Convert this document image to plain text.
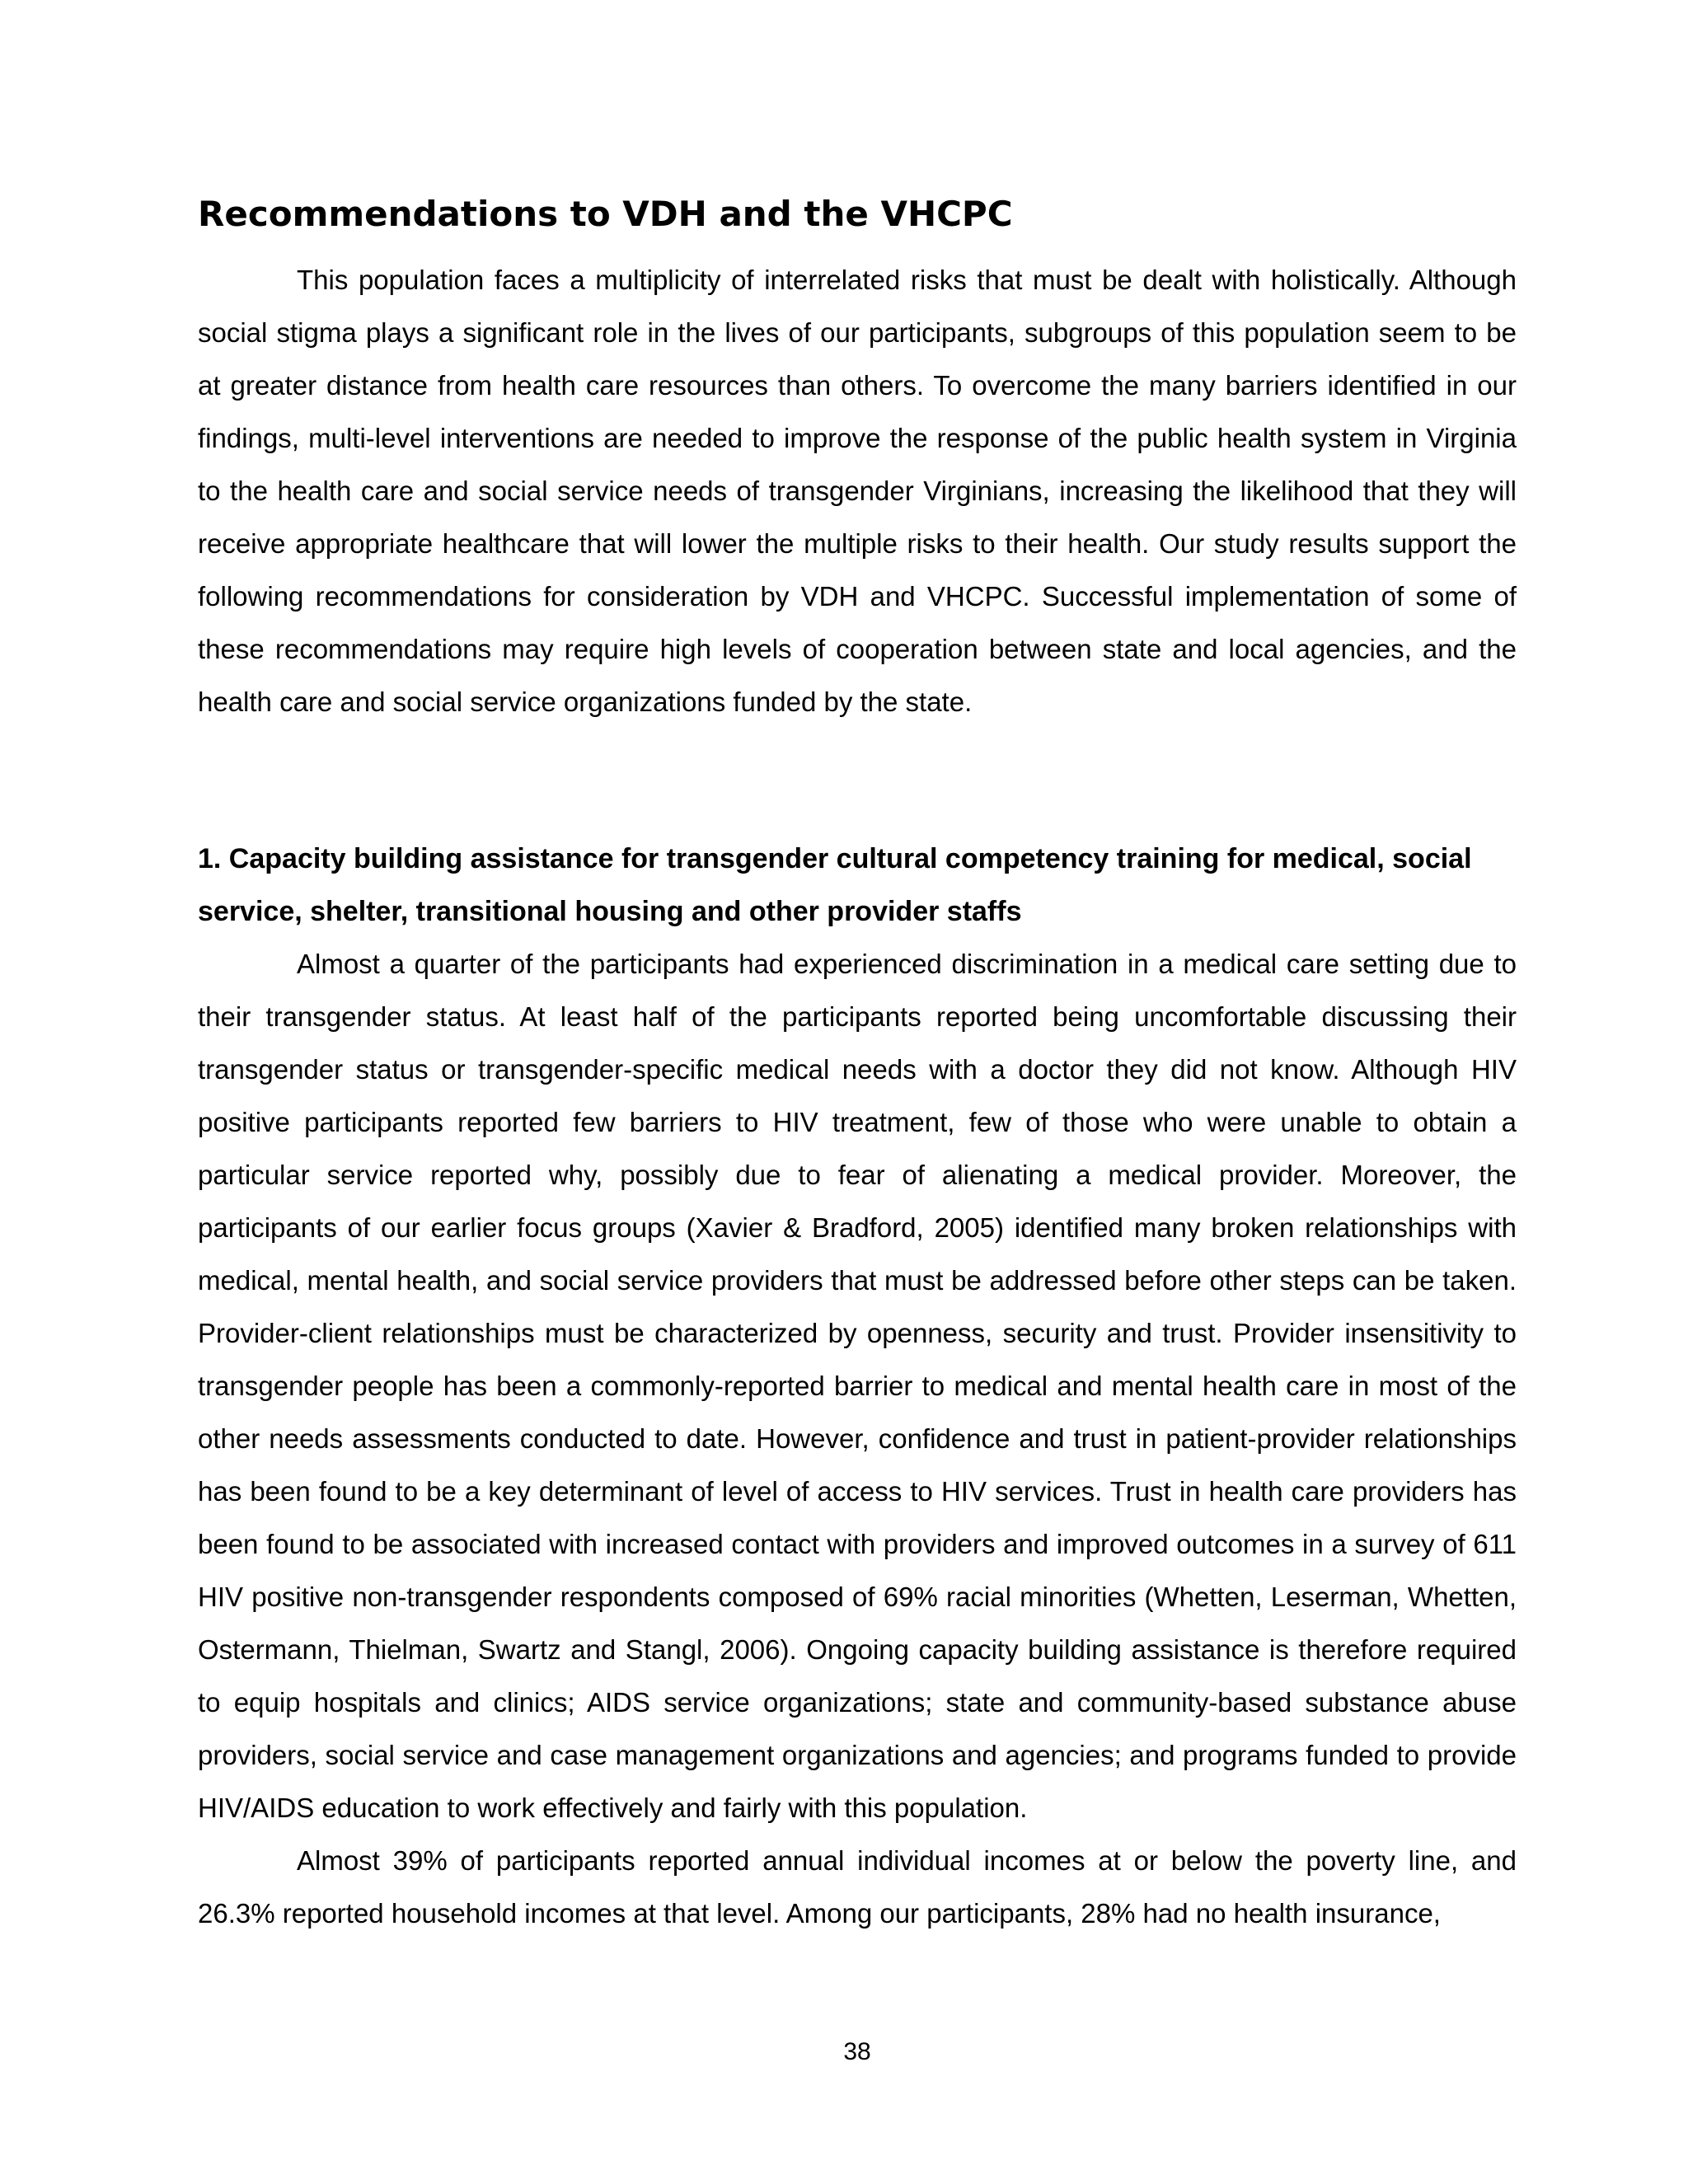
Recommendations to VDH and the VHCPC

This population faces a multiplicity of interrelated risks that must be dealt with holistically. Although social stigma plays a significant role in the lives of our participants, subgroups of this population seem to be at greater distance from health care resources than others. To overcome the many barriers identified in our findings, multi-level interventions are needed to improve the response of the public health system in Virginia to the health care and social service needs of transgender Virginians, increasing the likelihood that they will receive appropriate healthcare that will lower the multiple risks to their health. Our study results support the following recommendations for consideration by VDH and VHCPC. Successful implementation of some of these recommendations may require high levels of cooperation between state and local agencies, and the health care and social service organizations funded by the state.

1. Capacity building assistance for transgender cultural competency training for medical, social service, shelter, transitional housing and other provider staffs

Almost a quarter of the participants had experienced discrimination in a medical care setting due to their transgender status. At least half of the participants reported being uncomfortable discussing their transgender status or transgender-specific medical needs with a doctor they did not know. Although HIV positive participants reported few barriers to HIV treatment, few of those who were unable to obtain a particular service reported why, possibly due to fear of alienating a medical provider. Moreover, the participants of our earlier focus groups (Xavier & Bradford, 2005) identified many broken relationships with medical, mental health, and social service providers that must be addressed before other steps can be taken. Provider-client relationships must be characterized by openness, security and trust. Provider insensitivity to transgender people has been a commonly-reported barrier to medical and mental health care in most of the other needs assessments conducted to date. However, confidence and trust in patient-provider relationships has been found to be a key determinant of level of access to HIV services. Trust in health care providers has been found to be associated with increased contact with providers and improved outcomes in a survey of 611 HIV positive non-transgender respondents composed of 69% racial minorities (Whetten, Leserman, Whetten, Ostermann, Thielman, Swartz and Stangl, 2006). Ongoing capacity building assistance is therefore required to equip hospitals and clinics; AIDS service organizations; state and community-based substance abuse providers, social service and case management organizations and agencies; and programs funded to provide HIV/AIDS education to work effectively and fairly with this population.

Almost 39% of participants reported annual individual incomes at or below the poverty line, and 26.3% reported household incomes at that level. Among our participants, 28% had no health insurance,

38
